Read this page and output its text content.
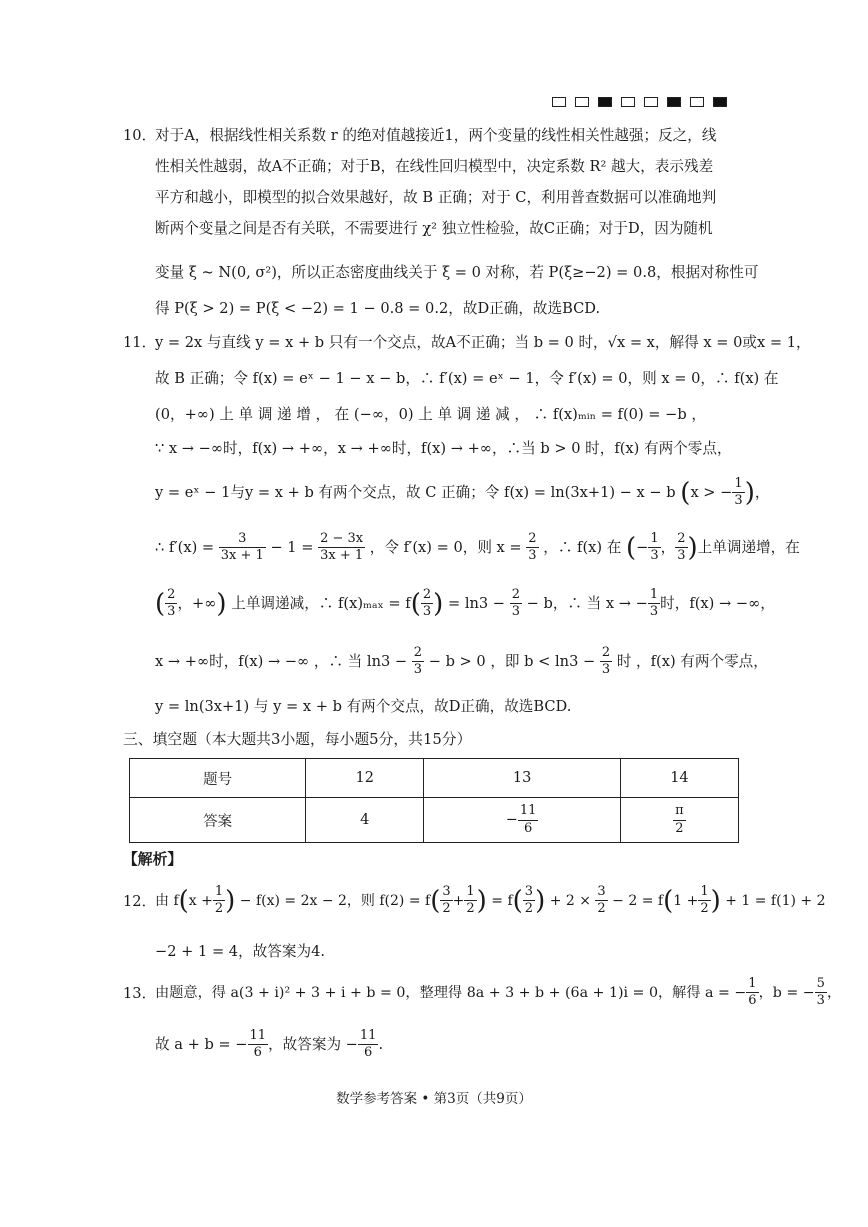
10．
对于A，根据线性相关系数 r 的绝对值越接近1，两个变量的线性相关性越强；反之，线
性相关性越弱，故A不正确；对于B，在线性回归模型中，决定系数 R² 越大，表示残差
平方和越小，即模型的拟合效果越好，故 B 正确；对于 C，利用普查数据可以准确地判
断两个变量之间是否有关联，不需要进行 χ² 独立性检验，故C正确；对于D，因为随机
变量 ξ ~ N(0, σ²)，所以正态密度曲线关于 ξ = 0 对称，若 P(ξ≥−2) = 0.8，根据对称性可
得 P(ξ > 2) = P(ξ < −2) = 1 − 0.8 = 0.2，故D正确，故选BCD.
11．
y = 2x 与直线 y = x + b 只有一个交点，故A不正确；当 b = 0 时，√x = x，解得 x = 0或x = 1，
故 B 正确；令 f(x) = eˣ − 1 − x − b，∴ f′(x) = eˣ − 1，令 f′(x) = 0，则 x = 0，∴ f(x) 在
(0，+∞) 上 单 调 递 增 ， 在 (−∞，0) 上 单 调 递 减 ， ∴ f(x)ₘᵢₙ = f(0) = −b ，
∵ x → −∞时，f(x) → +∞，x → +∞时，f(x) → +∞，∴当 b > 0 时，f(x) 有两个零点，
y = eˣ − 1与y = x + b 有两个交点，故 C 正确；令 f(x) = ln(3x+1) − x − b (x > − $\frac{1}{3}$ )，
∴ $f'(x) = \frac{3}{3x + 1} - 1 = \frac{2 - 3x}{3x + 1}$ ，令 f′(x) = 0，则 $x = \frac{2}{3}$ ，∴ f(x) 在 (− $\frac{1}{3}$ ， $\frac{2}{3}$ )上单调递增，在
( $\frac{2}{3}$ ，+∞) 上单调递减，∴ $f(x)_{max} = f( \frac{2}{3}$ ) = $\ln 3 - \frac{2}{3} - b$，∴ 当 x → − $\frac{1}{3}$ 时，f(x) → −∞，
x → +∞时，f(x) → −∞ ，∴ 当 $\ln 3 - \frac{2}{3} - b > 0$ ，即 $b < \ln 3 - \frac{2}{3}$ 时 ，f(x) 有两个零点，
y = ln(3x+1) 与 y = x + b 有两个交点，故D正确，故选BCD.
三、填空题（本大题共3小题，每小题5分，共15分）
题号	12	13	14
答案	4	− $\frac{11}{6}$	$\frac{\pi}{2}$
【解析】
12．
由 $f(x + \frac{1}{2}$ ) − f(x) = 2x − 2，则 $f(2) = f( \frac{3}{2} + \frac{1}{2}$ ) = $f( \frac{3}{2}$ ) + $2 \times \frac{3}{2} - 2 = f(1 + \frac{1}{2}$ ) + 1 = f(1) + 2
−2 + 1 = 4，故答案为4.
13．
由题意，得 a(3 + i)² + 3 + i + b = 0，整理得 8a + 3 + b + (6a + 1)i = 0，解得 a = − $\frac{1}{6}$ ，b = − $\frac{5}{3}$ ，
故 a + b = − $\frac{11}{6}$ ，故答案为 − $\frac{11}{6}$ .
数学参考答案 • 第3页（共9页）
